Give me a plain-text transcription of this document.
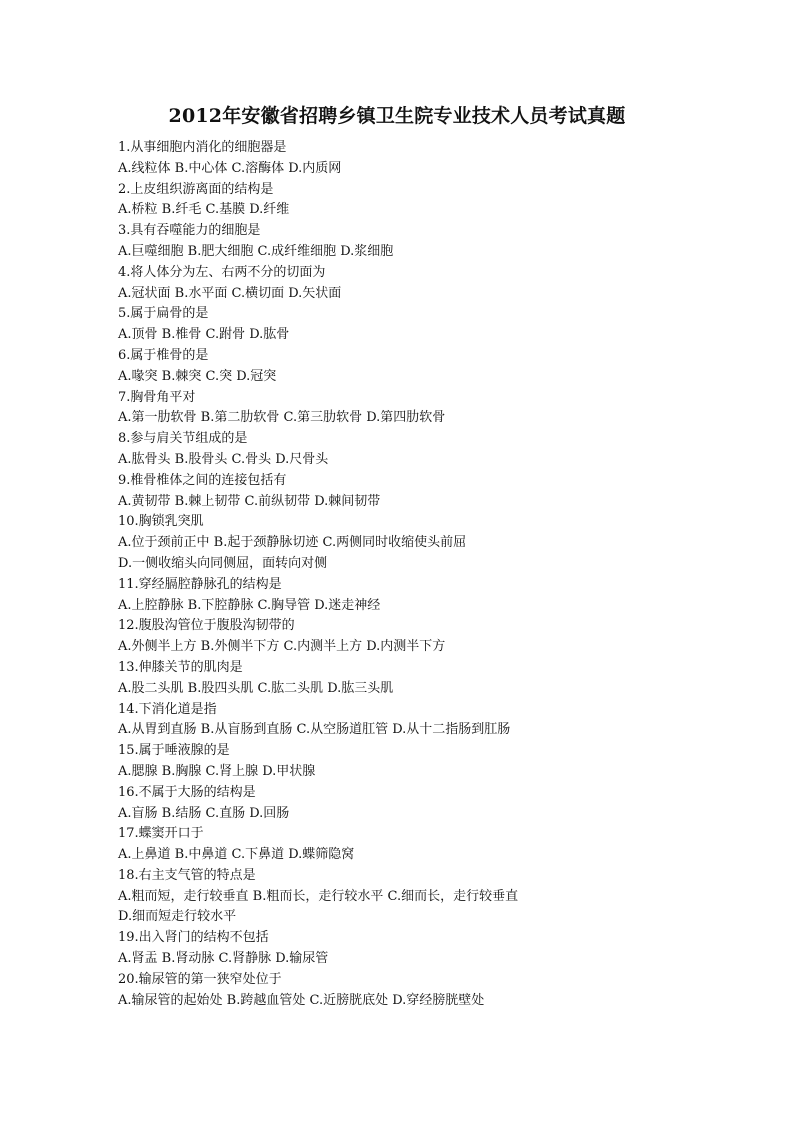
2012年安徽省招聘乡镇卫生院专业技术人员考试真题
1.从事细胞内消化的细胞器是
A.线粒体 B.中心体 C.溶酶体 D.内质网
2.上皮组织游离面的结构是
A.桥粒 B.纤毛 C.基膜 D.纤维
3.具有吞噬能力的细胞是
A.巨噬细胞 B.肥大细胞 C.成纤维细胞 D.浆细胞
4.将人体分为左、右两不分的切面为
A.冠状面 B.水平面 C.横切面 D.矢状面
5.属于扁骨的是
A.顶骨 B.椎骨 C.跗骨 D.肱骨
6.属于椎骨的是
A.喙突 B.棘突 C.突 D.冠突
7.胸骨角平对
A.第一肋软骨 B.第二肋软骨 C.第三肋软骨 D.第四肋软骨
8.参与肩关节组成的是
A.肱骨头 B.股骨头 C.骨头 D.尺骨头
9.椎骨椎体之间的连接包括有
A.黄韧带 B.棘上韧带 C.前纵韧带 D.棘间韧带
10.胸锁乳突肌
A.位于颈前正中 B.起于颈静脉切迹 C.两侧同时收缩使头前屈
D.一侧收缩头向同侧屈，面转向对侧
11.穿经膈腔静脉孔的结构是
A.上腔静脉 B.下腔静脉 C.胸导管 D.迷走神经
12.腹股沟管位于腹股沟韧带的
A.外侧半上方 B.外侧半下方 C.内测半上方 D.内测半下方
13.伸膝关节的肌肉是
A.股二头肌 B.股四头肌 C.肱二头肌 D.肱三头肌
14.下消化道是指
A.从胃到直肠 B.从盲肠到直肠 C.从空肠道肛管 D.从十二指肠到肛肠
15.属于唾液腺的是
A.腮腺 B.胸腺 C.肾上腺 D.甲状腺
16.不属于大肠的结构是
A.盲肠 B.结肠 C.直肠 D.回肠
17.蝶窦开口于
A.上鼻道 B.中鼻道 C.下鼻道 D.蝶筛隐窝
18.右主支气管的特点是
A.粗而短，走行较垂直 B.粗而长，走行较水平 C.细而长，走行较垂直
D.细而短走行较水平
19.出入肾门的结构不包括
A.肾盂 B.肾动脉 C.肾静脉 D.输尿管
20.输尿管的第一狭窄处位于
A.输尿管的起始处 B.跨越血管处 C.近膀胱底处 D.穿经膀胱壁处
